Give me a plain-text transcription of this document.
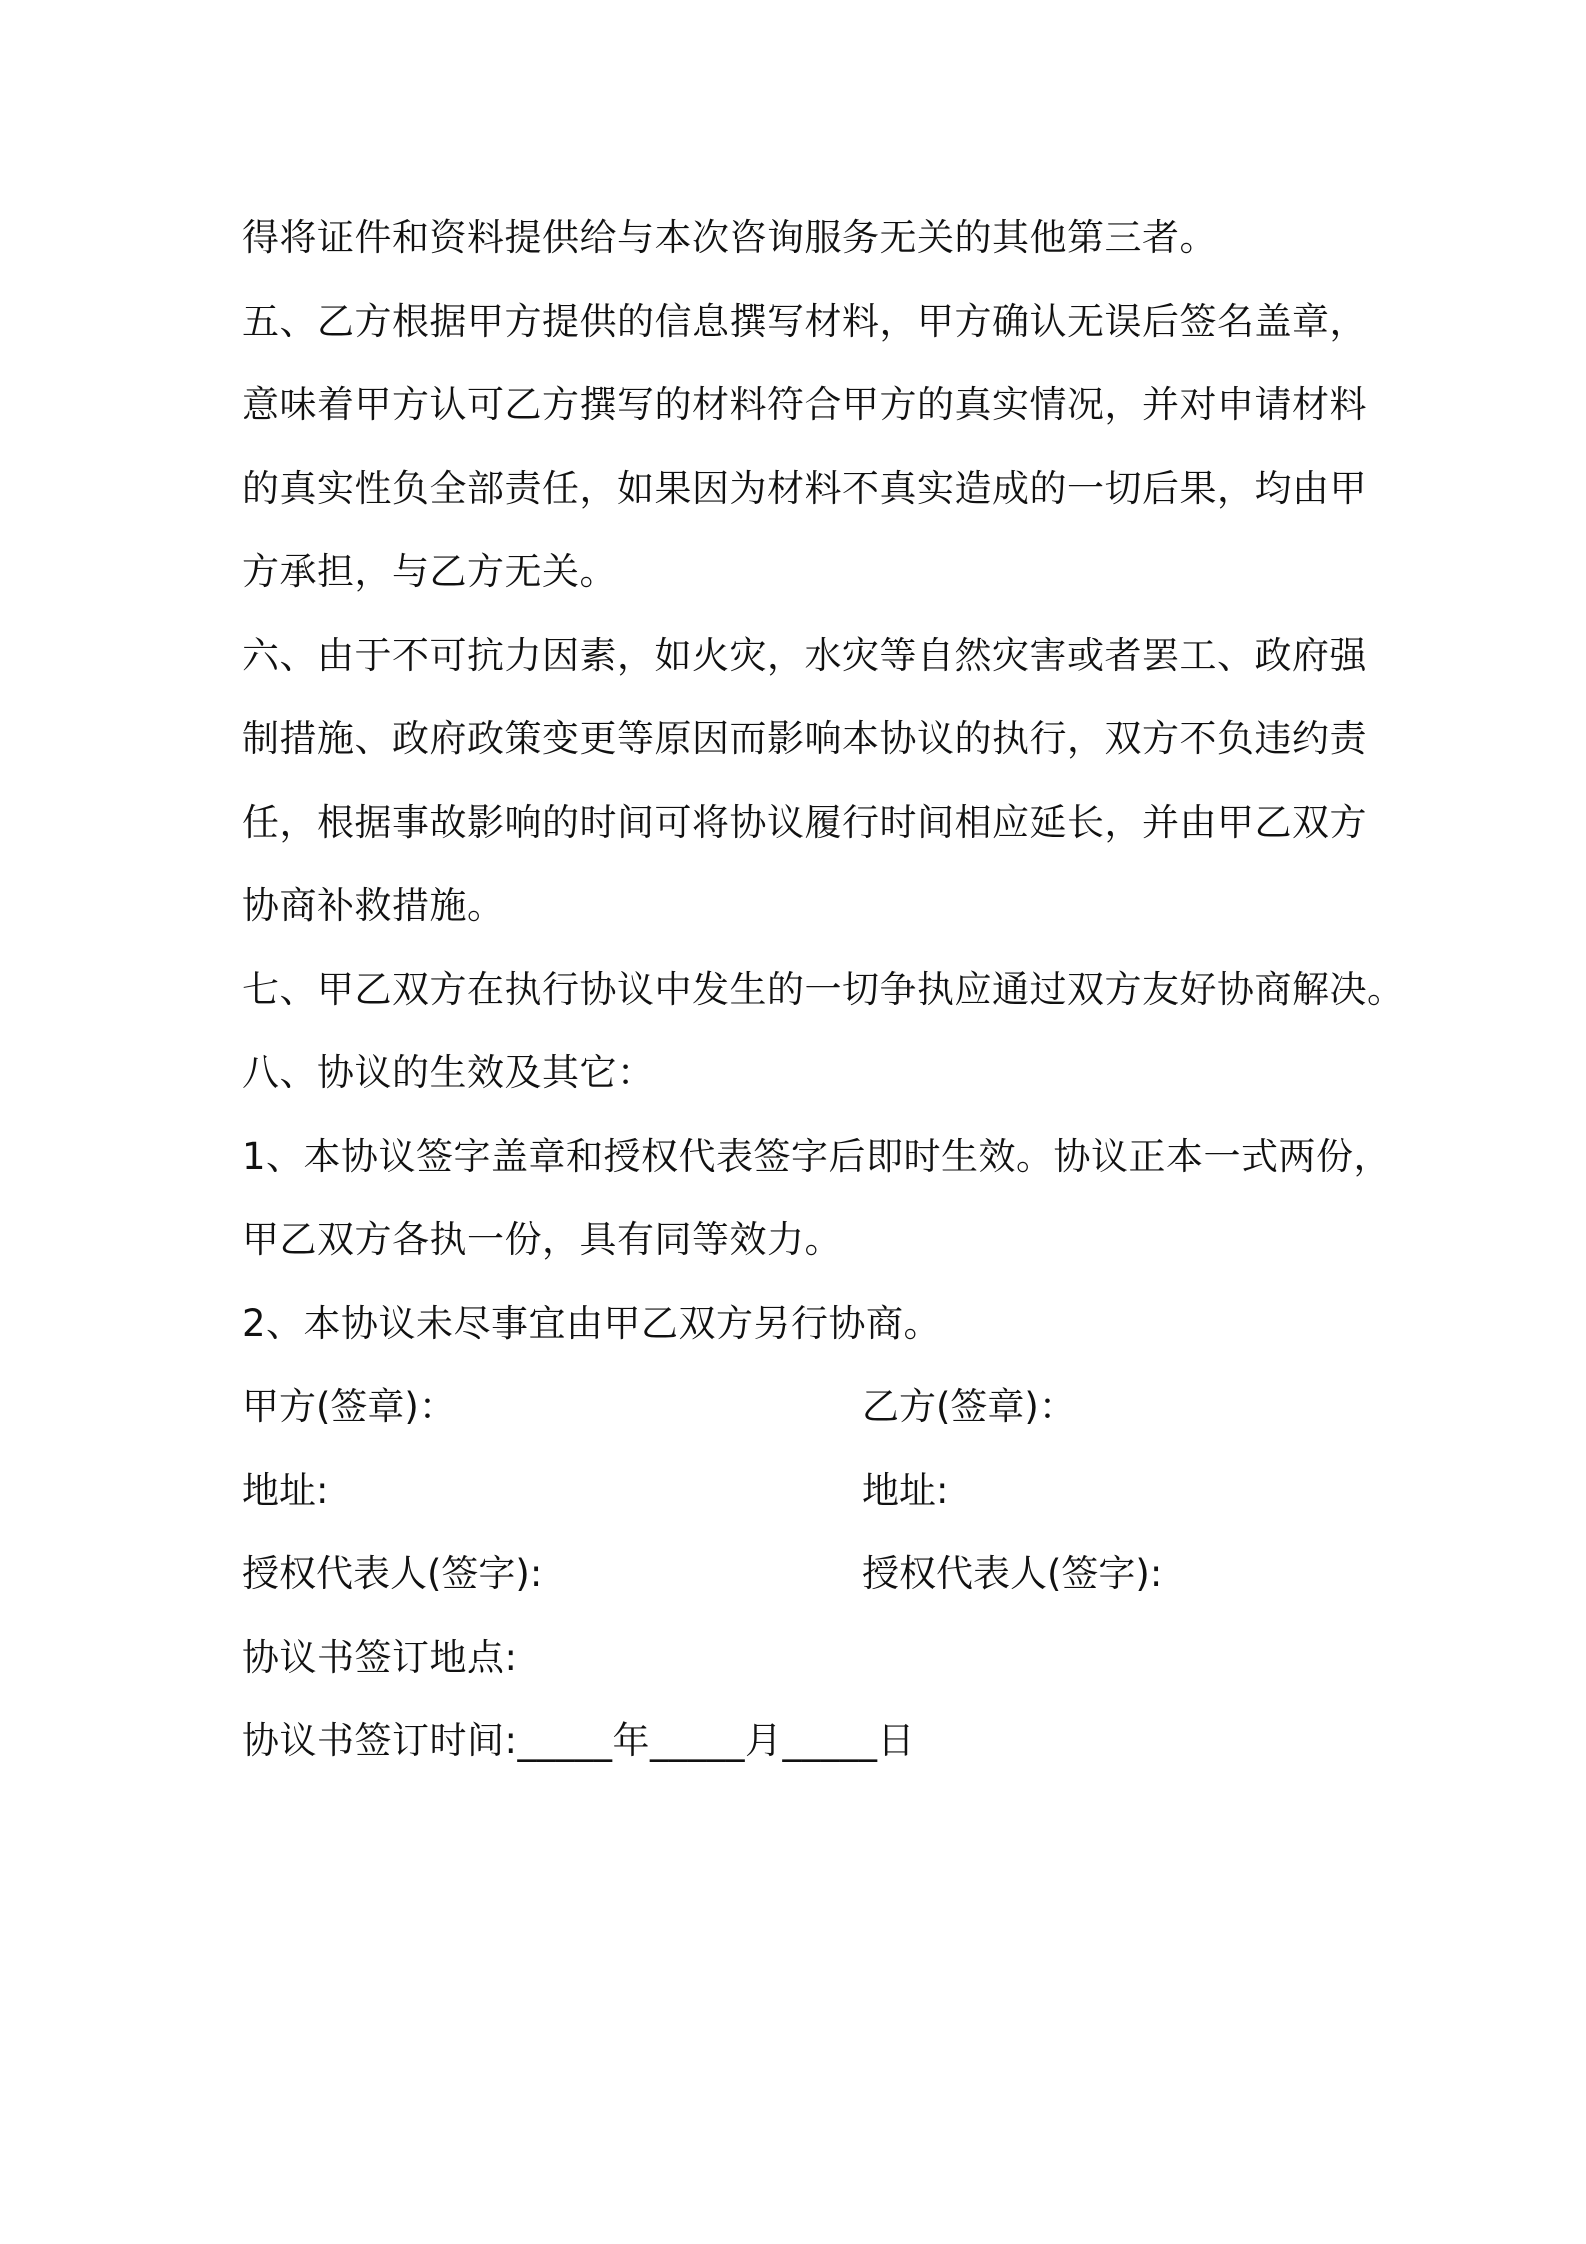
得将证件和资料提供给与本次咨询服务无关的其他第三者。
五、乙方根据甲方提供的信息撰写材料，甲方确认无误后签名盖章，
意味着甲方认可乙方撰写的材料符合甲方的真实情况，并对申请材料
的真实性负全部责任，如果因为材料不真实造成的一切后果，均由甲
方承担，与乙方无关。
六、由于不可抗力因素，如火灾，水灾等自然灾害或者罢工、政府强
制措施、政府政策变更等原因而影响本协议的执行，双方不负违约责
任，根据事故影响的时间可将协议履行时间相应延长，并由甲乙双方
协商补救措施。
七、甲乙双方在执行协议中发生的一切争执应通过双方友好协商解决。
八、协议的生效及其它：
1、本协议签字盖章和授权代表签字后即时生效。协议正本一式两份，
甲乙双方各执一份，具有同等效力。
2、本协议未尽事宜由甲乙双方另行协商。
甲方(签章)：	乙方(签章)：
地址:	地址:
授权代表人(签字):	授权代表人(签字):
协议书签订地点:
协议书签订时间:_____年_____月_____日
